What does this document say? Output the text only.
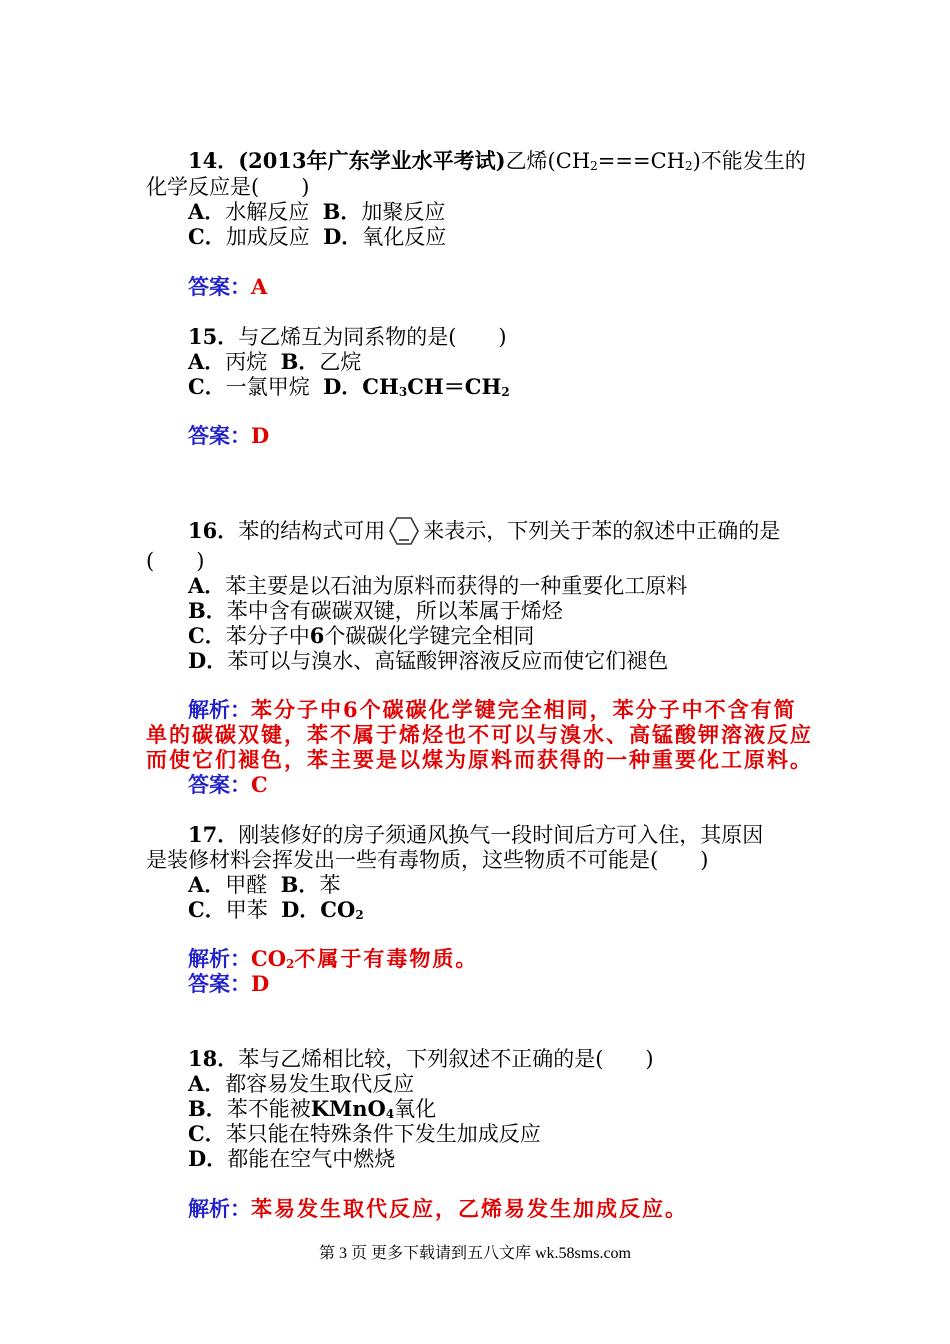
14．(2013年广东学业水平考试)乙烯$(CH_2===CH_2)$不能发生的
化学反应是(　　)
A．水解反应 B．加聚反应
C．加成反应 D．氧化反应
答案：A
15．与乙烯互为同系物的是(　　)
A．丙烷 B．乙烷
C．一氯甲烷 D．$CH_3CH=CH_2$
答案：D
16．苯的结构式可用 来表示，下列关于苯的叙述中正确的是
(　　)
A．苯主要是以石油为原料而获得的一种重要化工原料
B．苯中含有碳碳双键，所以苯属于烯烃
C．苯分子中6个碳碳化学键完全相同
D．苯可以与溴水、高锰酸钾溶液反应而使它们褪色
解析：苯分子中6个碳碳化学键完全相同，苯分子中不含有简
单的碳碳双键，苯不属于烯烃也不可以与溴水、高锰酸钾溶液反应
而使它们褪色，苯主要是以煤为原料而获得的一种重要化工原料。
答案：C
17．刚装修好的房子须通风换气一段时间后方可入住，其原因
是装修材料会挥发出一些有毒物质，这些物质不可能是(　　)
A．甲醛 B．苯
C．甲苯 D．$CO_2$
解析：$CO_2$不属于有毒物质。
答案：D
18．苯与乙烯相比较，下列叙述不正确的是(　　)
A．都容易发生取代反应
B．苯不能被KMnO$_4$氧化
C．苯只能在特殊条件下发生加成反应
D．都能在空气中燃烧
解析：苯易发生取代反应，乙烯易发生加成反应。
第 3 页 更多下载请到五八文库 wk.58sms.com
